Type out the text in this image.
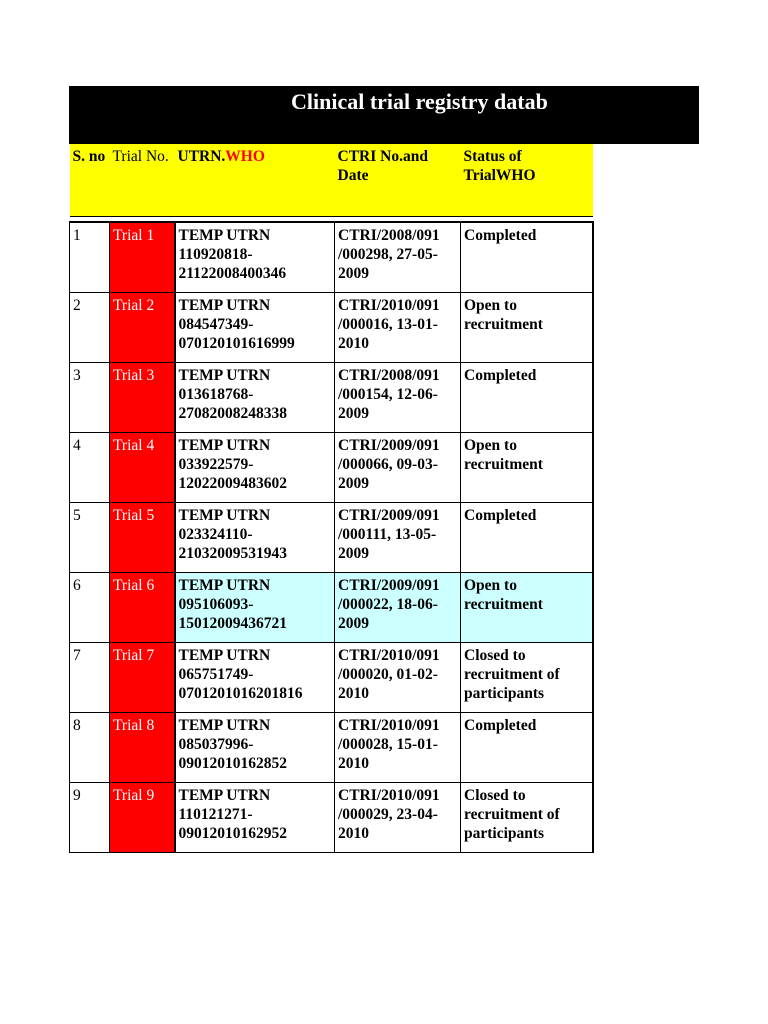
Clinical trial registry datab
S. no	Trial No.	UTRN.WHO	CTRI No.and Date	Status of TrialWHO

1	Trial 1	TEMP UTRN 110920818-21122008400346	CTRI/2008/091 /000298, 27-05-2009	Completed
2	Trial 2	TEMP UTRN 084547349-070120101616999	CTRI/2010/091 /000016, 13-01-2010	Open to recruitment
3	Trial 3	TEMP UTRN 013618768-27082008248338	CTRI/2008/091 /000154, 12-06-2009	Completed
4	Trial 4	TEMP UTRN 033922579-12022009483602	CTRI/2009/091 /000066, 09-03-2009	Open to recruitment
5	Trial 5	TEMP UTRN 023324110-21032009531943	CTRI/2009/091 /000111, 13-05-2009	Completed
6	Trial 6	TEMP UTRN 095106093-15012009436721	CTRI/2009/091 /000022, 18-06-2009	Open to recruitment
7	Trial 7	TEMP UTRN 065751749-0701201016201816	CTRI/2010/091 /000020, 01-02-2010	Closed to recruitment of participants
8	Trial 8	TEMP UTRN 085037996-09012010162852	CTRI/2010/091 /000028, 15-01-2010	Completed
9	Trial 9	TEMP UTRN 110121271-09012010162952	CTRI/2010/091 /000029, 23-04-2010	Closed to recruitment of participants
